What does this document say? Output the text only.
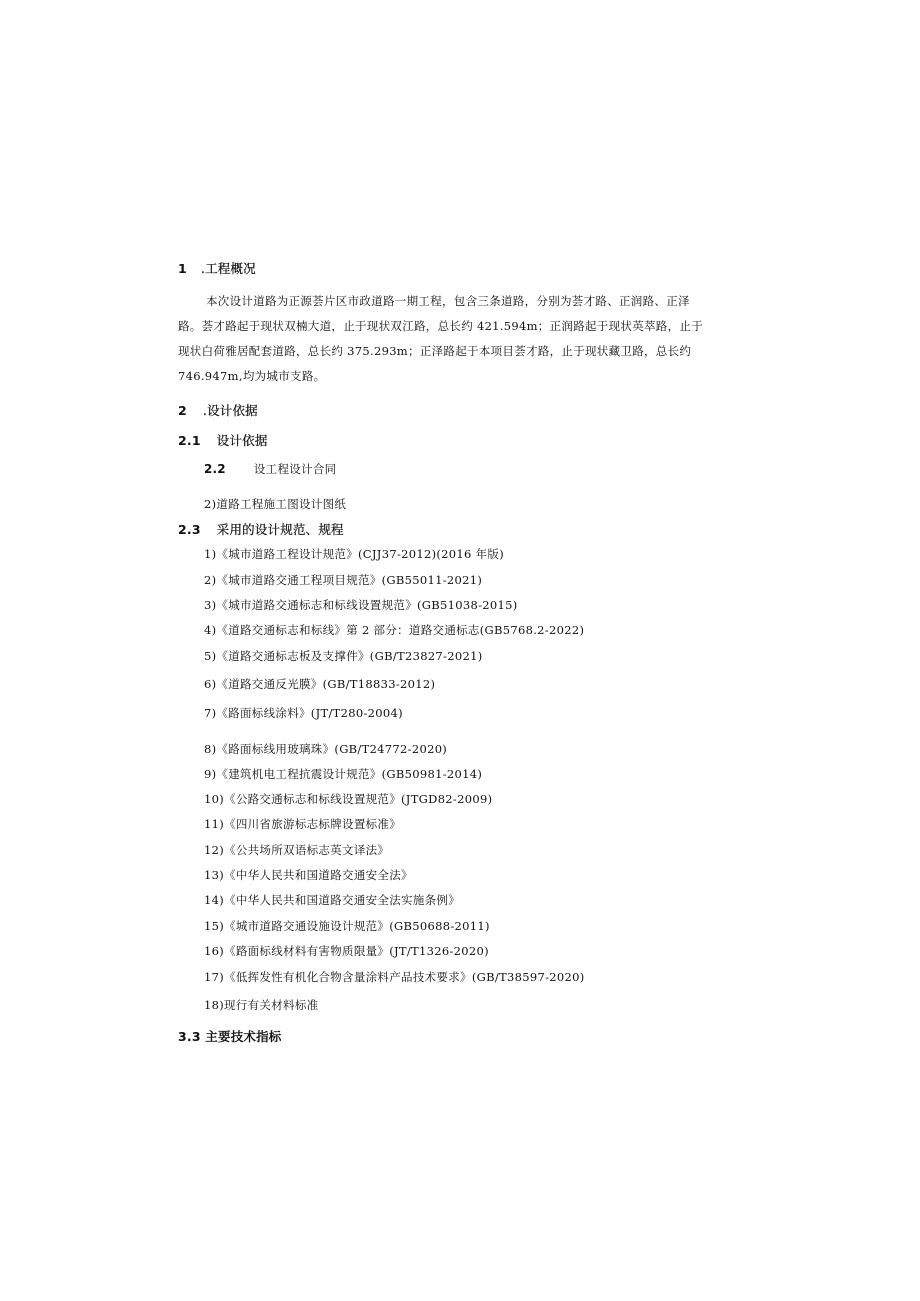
1 .工程概况
本次设计道路为正源荟片区市政道路一期工程，包含三条道路，分别为荟才路、正润路、正泽
路。荟才路起于现状双楠大道，止于现状双江路，总长约 421.594m；正润路起于现状英萃路，止于
现状白荷雅居配套道路，总长约 375.293m；正泽路起于本项目荟才路，止于现状藏卫路，总长约
746.947m,均为城市支路。
2 .设计依据
2.1 设计依据
2.2 设工程设计合同
2)道路工程施工图设计图纸
2.3 采用的设计规范、规程
1)《城市道路工程设计规范》(CJJ37-2012)(2016 年版)
2)《城市道路交通工程项目规范》(GB55011-2021)
3)《城市道路交通标志和标线设置规范》(GB51038-2015)
4)《道路交通标志和标线》第 2 部分：道路交通标志(GB5768.2-2022)
5)《道路交通标志板及支撑件》(GB/T23827-2021)
6)《道路交通反光膜》(GB/T18833-2012)
7)《路面标线涂料》(JT/T280-2004)
8)《路面标线用玻璃珠》(GB/T24772-2020)
9)《建筑机电工程抗震设计规范》(GB50981-2014)
10)《公路交通标志和标线设置规范》(JTGD82-2009)
11)《四川省旅游标志标牌设置标准》
12)《公共场所双语标志英文译法》
13)《中华人民共和国道路交通安全法》
14)《中华人民共和国道路交通安全法实施条例》
15)《城市道路交通设施设计规范》(GB50688-2011)
16)《路面标线材料有害物质限量》(JT/T1326-2020)
17)《低挥发性有机化合物含量涂料产品技术要求》(GB/T38597-2020)
18)现行有关材料标准
3.3 主要技术指标
